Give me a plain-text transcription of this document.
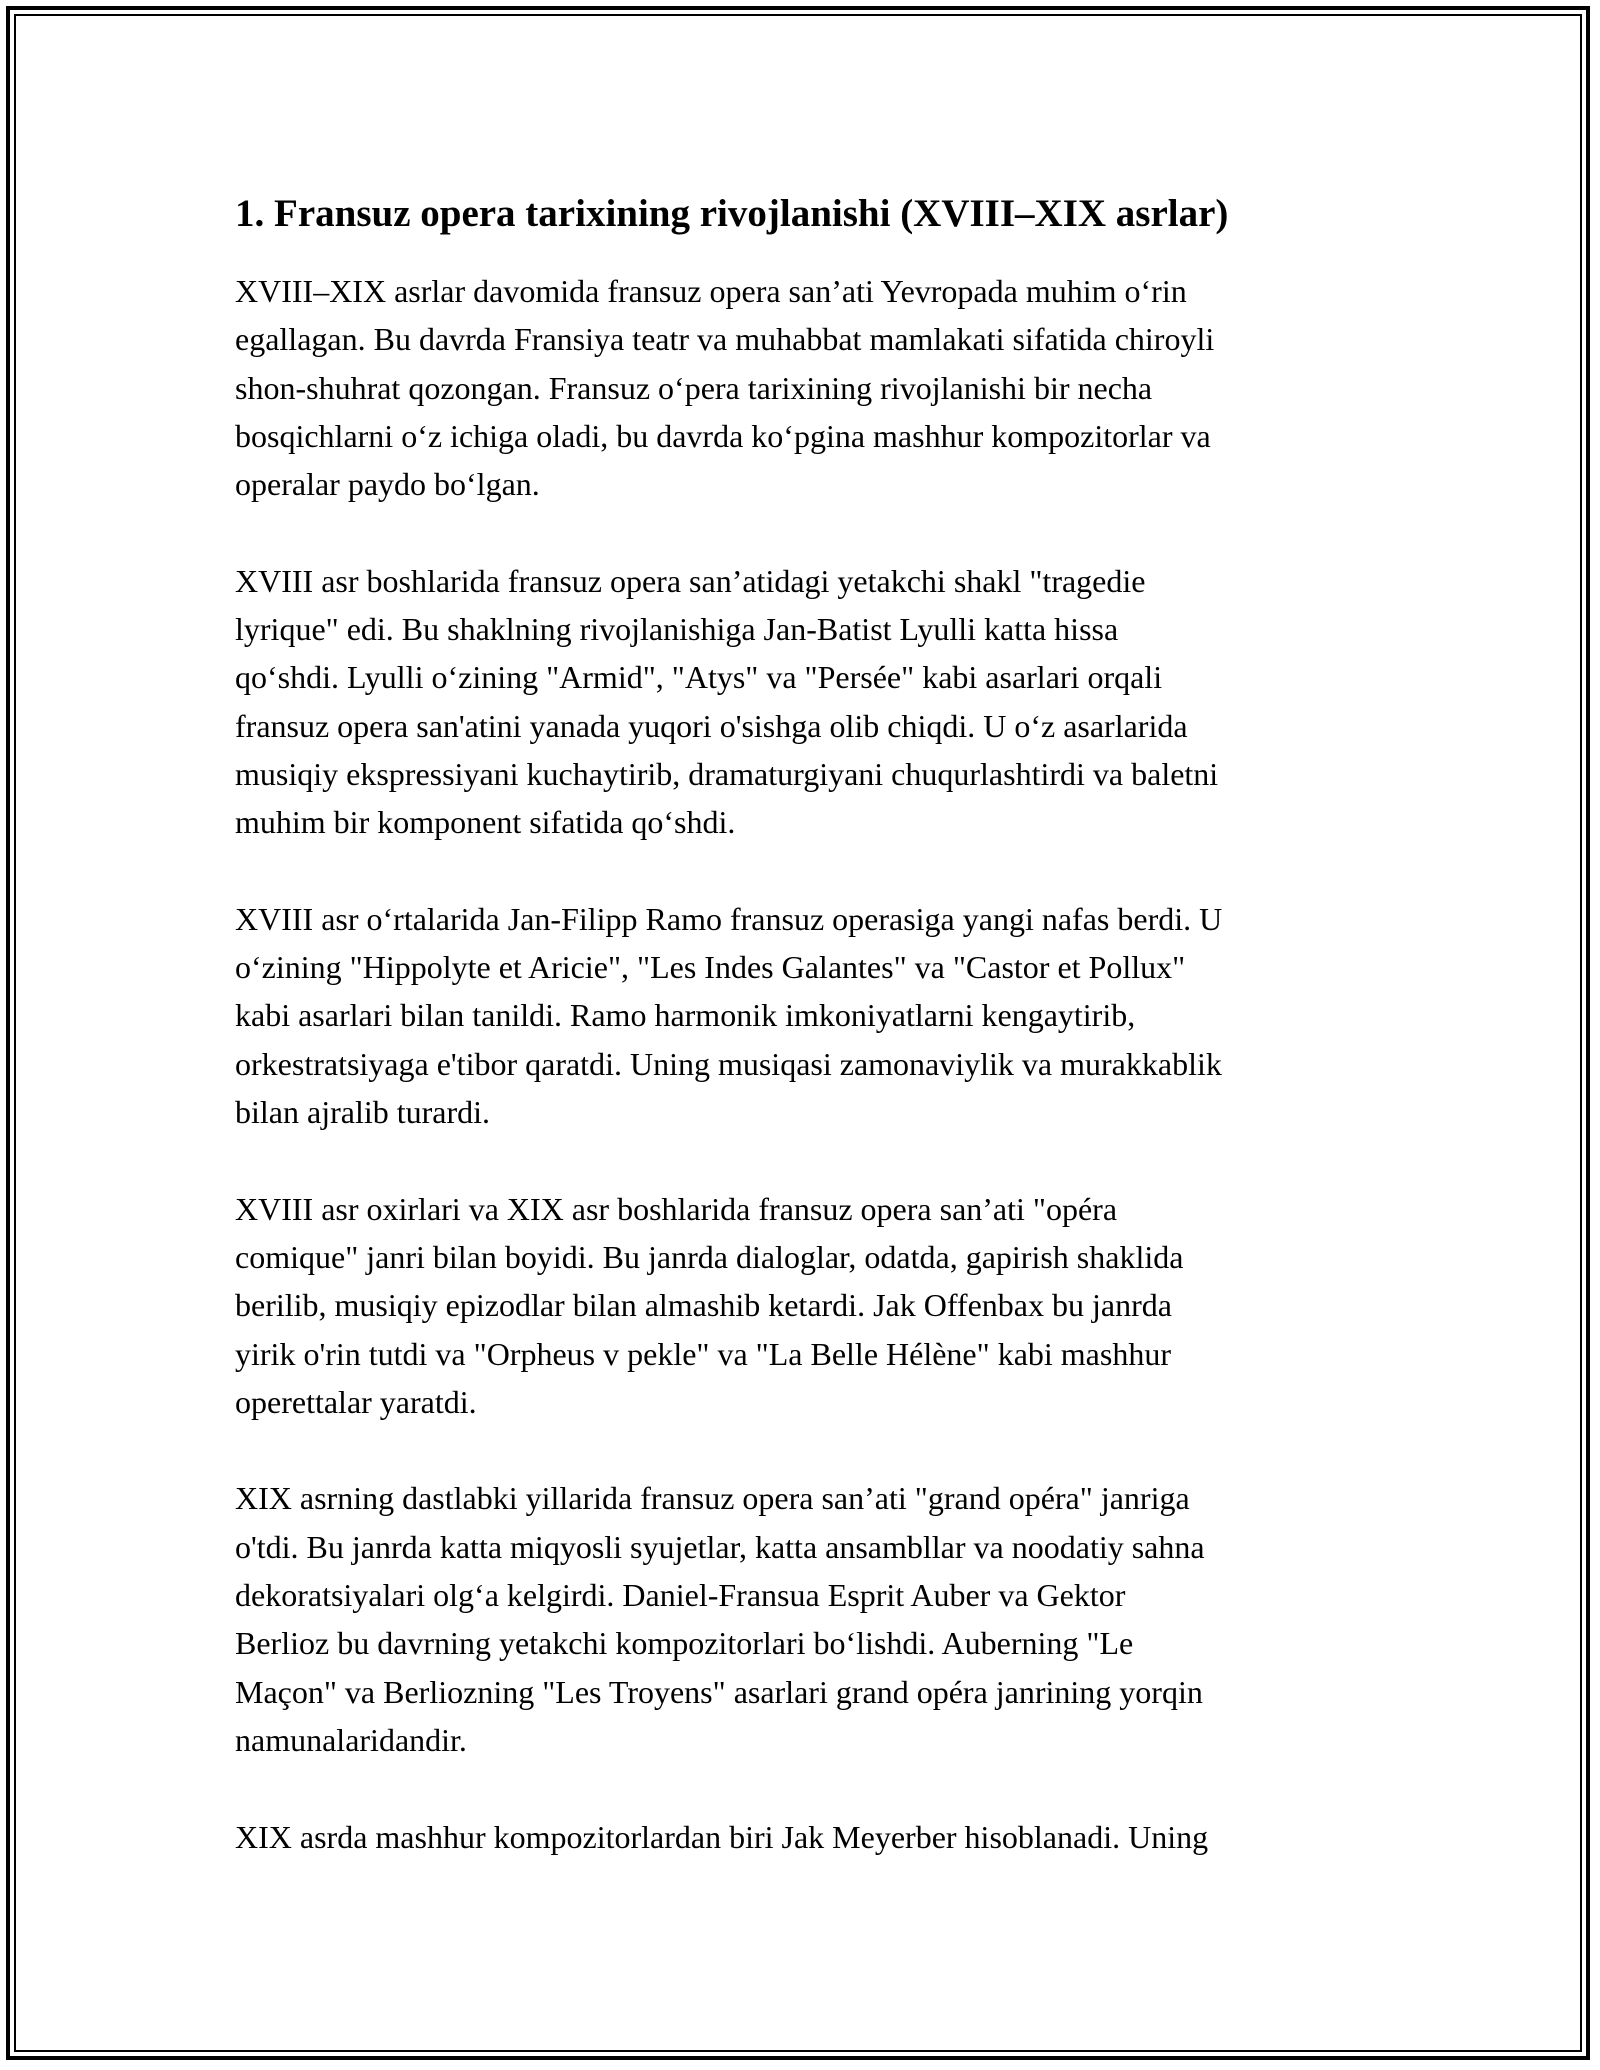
1. Fransuz opera tarixining rivojlanishi (XVIII–XIX asrlar)

XVIII–XIX asrlar davomida fransuz opera san’ati Yevropada muhim o‘rin
egallagan. Bu davrda Fransiya teatr va muhabbat mamlakati sifatida chiroyli
shon-shuhrat qozongan. Fransuz o‘pera tarixining rivojlanishi bir necha
bosqichlarni o‘z ichiga oladi, bu davrda ko‘pgina mashhur kompozitorlar va
operalar paydo bo‘lgan.

XVIII asr boshlarida fransuz opera san’atidagi yetakchi shakl "tragedie
lyrique" edi. Bu shaklning rivojlanishiga Jan-Batist Lyulli katta hissa
qo‘shdi. Lyulli o‘zining "Armid", "Atys" va "Persée" kabi asarlari orqali
fransuz opera san'atini yanada yuqori o'sishga olib chiqdi. U o‘z asarlarida
musiqiy ekspressiyani kuchaytirib, dramaturgiyani chuqurlashtirdi va baletni
muhim bir komponent sifatida qo‘shdi.

XVIII asr o‘rtalarida Jan-Filipp Ramo fransuz operasiga yangi nafas berdi. U
o‘zining "Hippolyte et Aricie", "Les Indes Galantes" va "Castor et Pollux"
kabi asarlari bilan tanildi. Ramo harmonik imkoniyatlarni kengaytirib,
orkestratsiyaga e'tibor qaratdi. Uning musiqasi zamonaviylik va murakkablik
bilan ajralib turardi.

XVIII asr oxirlari va XIX asr boshlarida fransuz opera san’ati "opéra
comique" janri bilan boyidi. Bu janrda dialoglar, odatda, gapirish shaklida
berilib, musiqiy epizodlar bilan almashib ketardi. Jak Offenbax bu janrda
yirik o'rin tutdi va "Orpheus v pekle" va "La Belle Hélène" kabi mashhur
operettalar yaratdi.

XIX asrning dastlabki yillarida fransuz opera san’ati "grand opéra" janriga
o'tdi. Bu janrda katta miqyosli syujetlar, katta ansambllar va noodatiy sahna
dekoratsiyalari olg‘a kelgirdi. Daniel-Fransua Esprit Auber va Gektor
Berlioz bu davrning yetakchi kompozitorlari bo‘lishdi. Auberning "Le
Maçon" va Berliozning "Les Troyens" asarlari grand opéra janrining yorqin
namunalaridandir.

XIX asrda mashhur kompozitorlardan biri Jak Meyerber hisoblanadi. Uning
